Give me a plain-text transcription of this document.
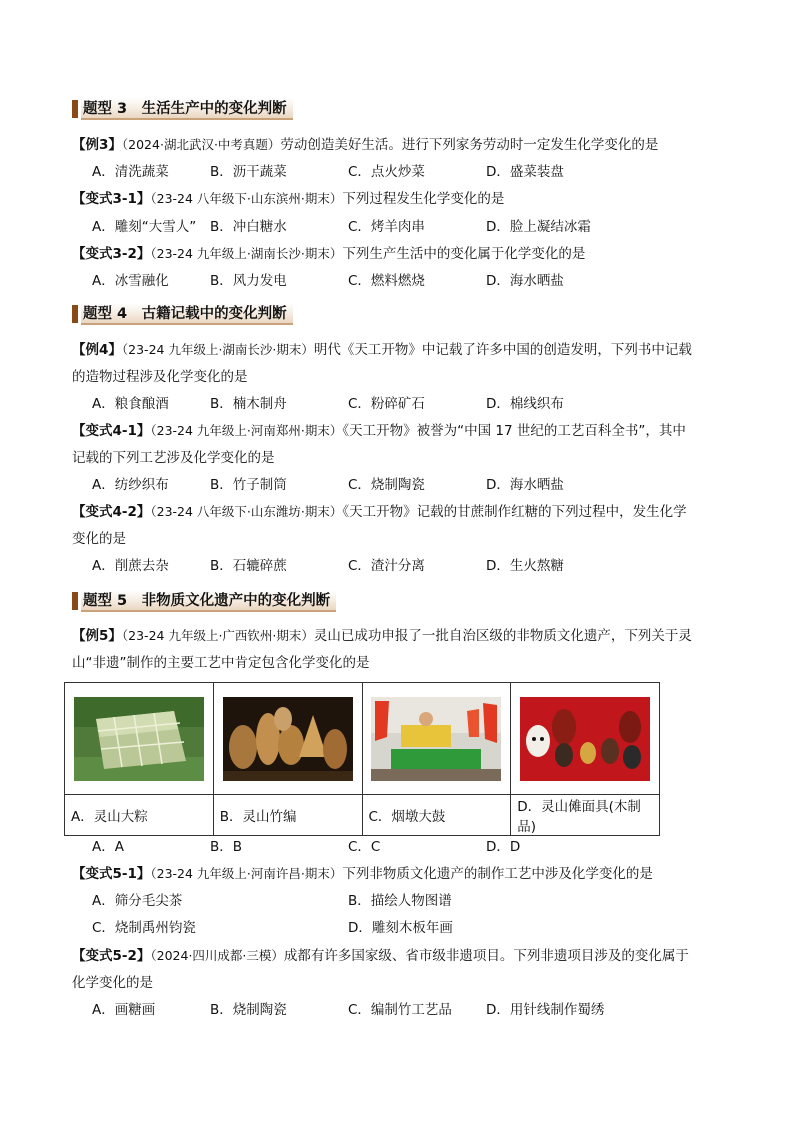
题型 3　生活生产中的变化判断
【例3】（2024·湖北武汉·中考真题）劳动创造美好生活。进行下列家务劳动时一定发生化学变化的是
A．清洗蔬菜	B．沥干蔬菜	C．点火炒菜	D．盛菜装盘
【变式3-1】（23-24 八年级下·山东滨州·期末）下列过程发生化学变化的是
A．雕刻“大雪人” B．冲白糖水	C．烤羊肉串	D．脸上凝结冰霜
【变式3-2】（23-24 九年级上·湖南长沙·期末）下列生产生活中的变化属于化学变化的是
A．冰雪融化	B．风力发电	C．燃料燃烧	D．海水晒盐
题型 4　古籍记载中的变化判断
【例4】（23-24 九年级上·湖南长沙·期末）明代《天工开物》中记载了许多中国的创造发明，下列书中记载
的造物过程涉及化学变化的是
A．粮食酿酒	B．楠木制舟	C．粉碎矿石	D．棉线织布
【变式4-1】（23-24 九年级上·河南郑州·期末）《天工开物》被誉为“中国 17 世纪的工艺百科全书”，其中
记载的下列工艺涉及化学变化的是
A．纺纱织布	B．竹子制筒	C．烧制陶瓷	D．海水晒盐
【变式4-2】（23-24 八年级下·山东潍坊·期末）《天工开物》记载的甘蔗制作红糖的下列过程中，发生化学
变化的是
A．削蔗去杂	B．石辘碎蔗	C．渣汁分离	D．生火熬糖
题型 5　非物质文化遗产中的变化判断
【例5】（23-24 九年级上·广西钦州·期末）灵山已成功申报了一批自治区级的非物质文化遗产，下列关于灵
山“非遗”制作的主要工艺中肯定包含化学变化的是

A．灵山大粽	B．灵山竹编	C．烟墩大鼓	D．灵山傩面具(木制品)
A．A	B．B	C．C	D．D
【变式5-1】（23-24 九年级上·河南许昌·期末）下列非物质文化遗产的制作工艺中涉及化学变化的是
A．筛分毛尖茶	B．描绘人物图谱
C．烧制禹州钧瓷	D．雕刻木板年画
【变式5-2】（2024·四川成都·三模）成都有许多国家级、省市级非遗项目。下列非遗项目涉及的变化属于
化学变化的是
A．画糖画	B．烧制陶瓷	C．编制竹工艺品	D．用针线制作蜀绣
